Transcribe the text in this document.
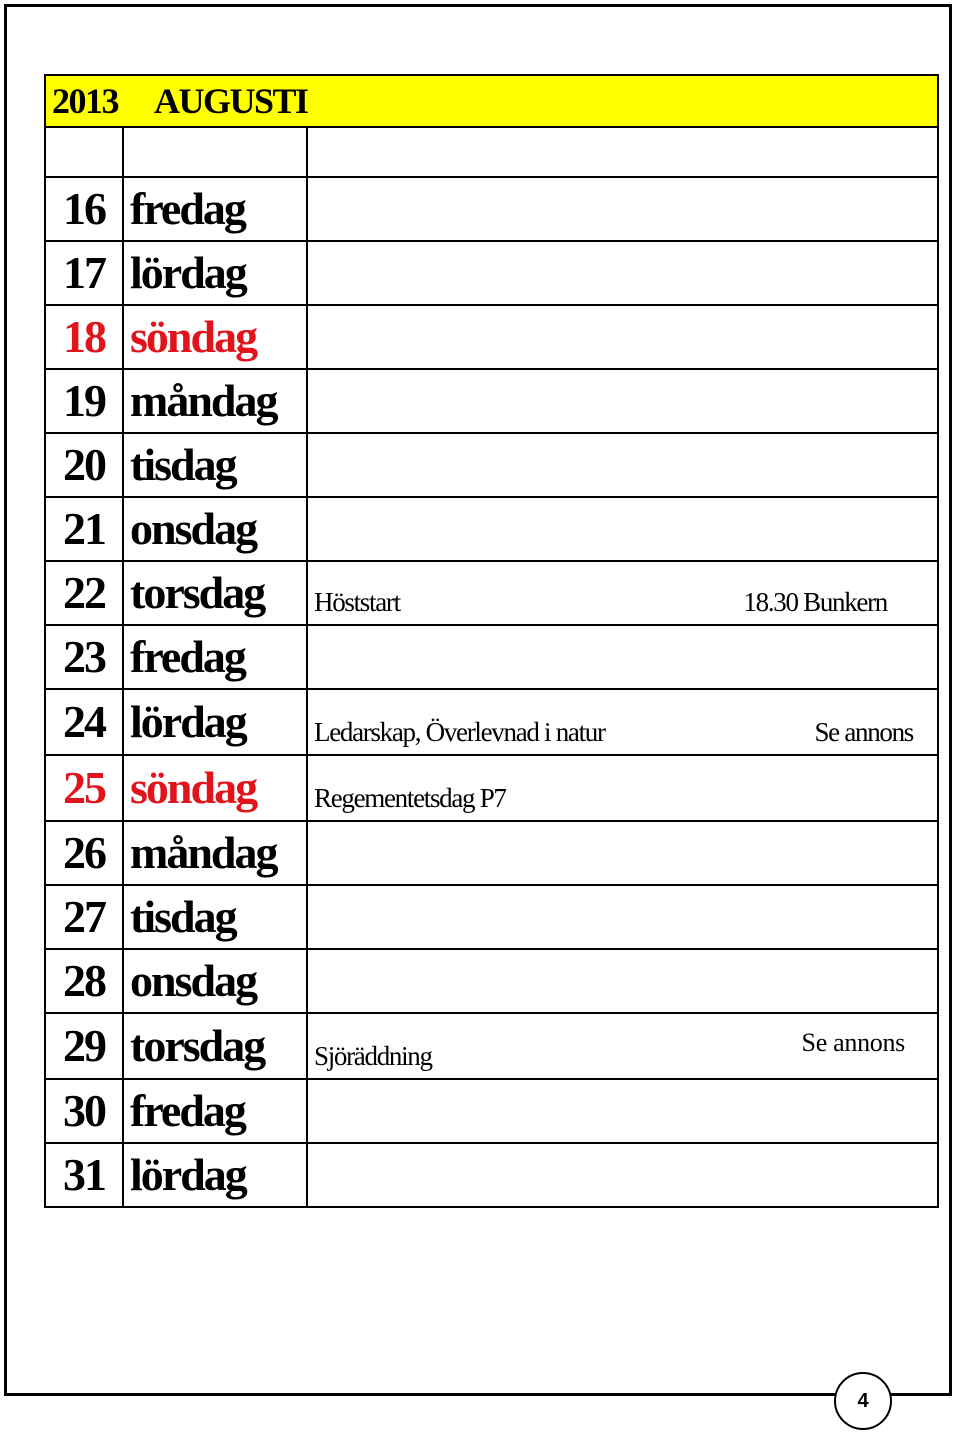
2013 AUGUSTI		

16	fredag	
17	lördag	
18	söndag	
19	måndag	
20	tisdag	
21	onsdag	
22	torsdag	Höststart 18.30 Bunkern

23	fredag	
24	lördag	Ledarskap, Överlevnad i natur Se annons

25	söndag	Regementetsdag P7

26	måndag	
27	tisdag	
28	onsdag	
29	torsdag	Sjöräddning Se annons

30	fredag	
31	lördag	
4
